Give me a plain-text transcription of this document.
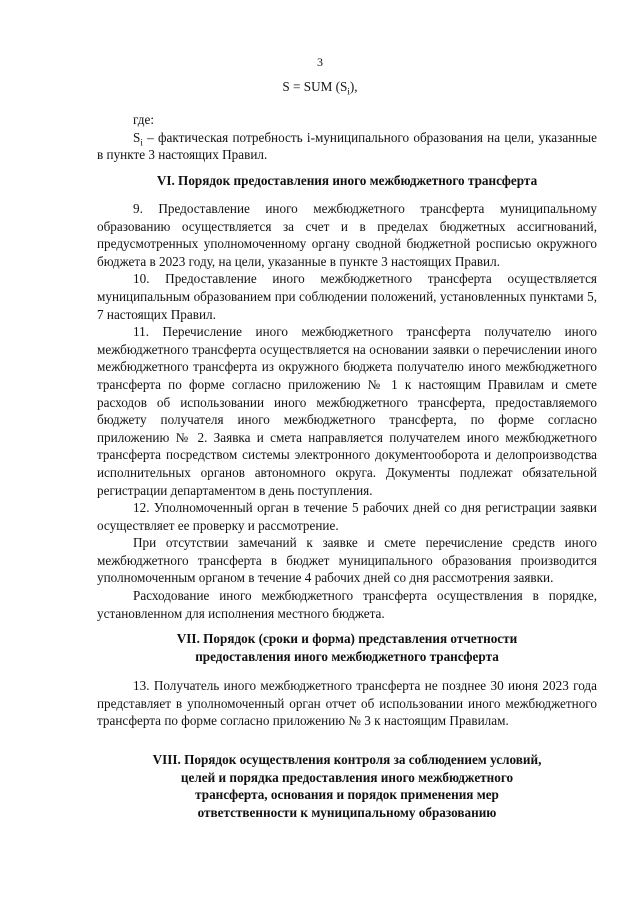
3
S = SUM $(S_i)$,

где:

$S_i$ – фактическая потребность i-муниципального образования на цели, указанные в пункте 3 настоящих Правил.

VI. Порядок предоставления иного межбюджетного трансферта

9. Предоставление иного межбюджетного трансферта муниципальному образованию осуществляется за счет и в пределах бюджетных ассигнований, предусмотренных уполномоченному органу сводной бюджетной росписью окружного бюджета в 2023 году, на цели, указанные в пункте 3 настоящих Правил.

10. Предоставление иного межбюджетного трансферта осуществляется муниципальным образованием при соблюдении положений, установленных пунктами 5, 7 настоящих Правил.

11. Перечисление иного межбюджетного трансферта получателю иного межбюджетного трансферта осуществляется на основании заявки о перечислении иного межбюджетного трансферта из окружного бюджета получателю иного межбюджетного трансферта по форме согласно приложению № 1 к настоящим Правилам и смете расходов об использовании иного межбюджетного трансферта, предоставляемого бюджету получателя иного межбюджетного трансферта, по форме согласно приложению № 2. Заявка и смета направляется получателем иного межбюджетного трансферта посредством системы электронного документооборота и делопроизводства исполнительных органов автономного округа. Документы подлежат обязательной регистрации департаментом в день поступления.

12. Уполномоченный орган в течение 5 рабочих дней со дня регистрации заявки осуществляет ее проверку и рассмотрение.

При отсутствии замечаний к заявке и смете перечисление средств иного межбюджетного трансферта в бюджет муниципального образования производится уполномоченным органом в течение 4 рабочих дней со дня рассмотрения заявки.

Расходование иного межбюджетного трансферта осуществления в порядке, установленном для исполнения местного бюджета.

VII. Порядок (сроки и форма) представления отчетности

предоставления иного межбюджетного трансферта

13. Получатель иного межбюджетного трансферта не позднее 30 июня 2023 года представляет в уполномоченный орган отчет об использовании иного межбюджетного трансферта по форме согласно приложению № 3 к настоящим Правилам.

VIII. Порядок осуществления контроля за соблюдением условий,

целей и порядка предоставления иного межбюджетного

трансферта, основания и порядок применения мер

ответственности к муниципальному образованию
